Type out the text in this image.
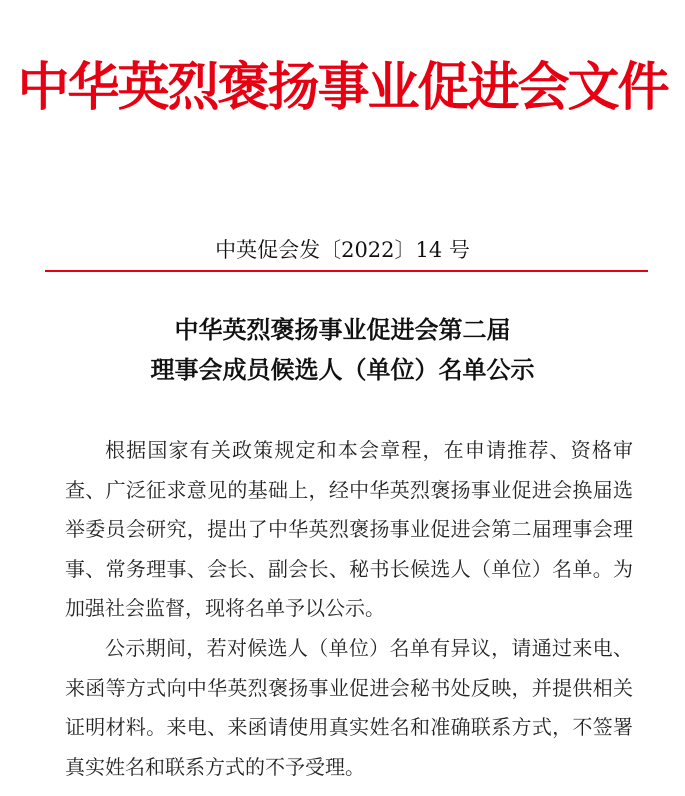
中华英烈褒扬事业促进会文件
中英促会发〔2022〕14 号
中华英烈褒扬事业促进会第二届
理事会成员候选人（单位）名单公示

根据国家有关政策规定和本会章程，在申请推荐、资格审查、广泛征求意见的基础上，经中华英烈褒扬事业促进会换届选举委员会研究，提出了中华英烈褒扬事业促进会第二届理事会理事、常务理事、会长、副会长、秘书长候选人（单位）名单。为加强社会监督，现将名单予以公示。

公示期间，若对候选人（单位）名单有异议，请通过来电、来函等方式向中华英烈褒扬事业促进会秘书处反映，并提供相关证明材料。来电、来函请使用真实姓名和准确联系方式，不签署真实姓名和联系方式的不予受理。
